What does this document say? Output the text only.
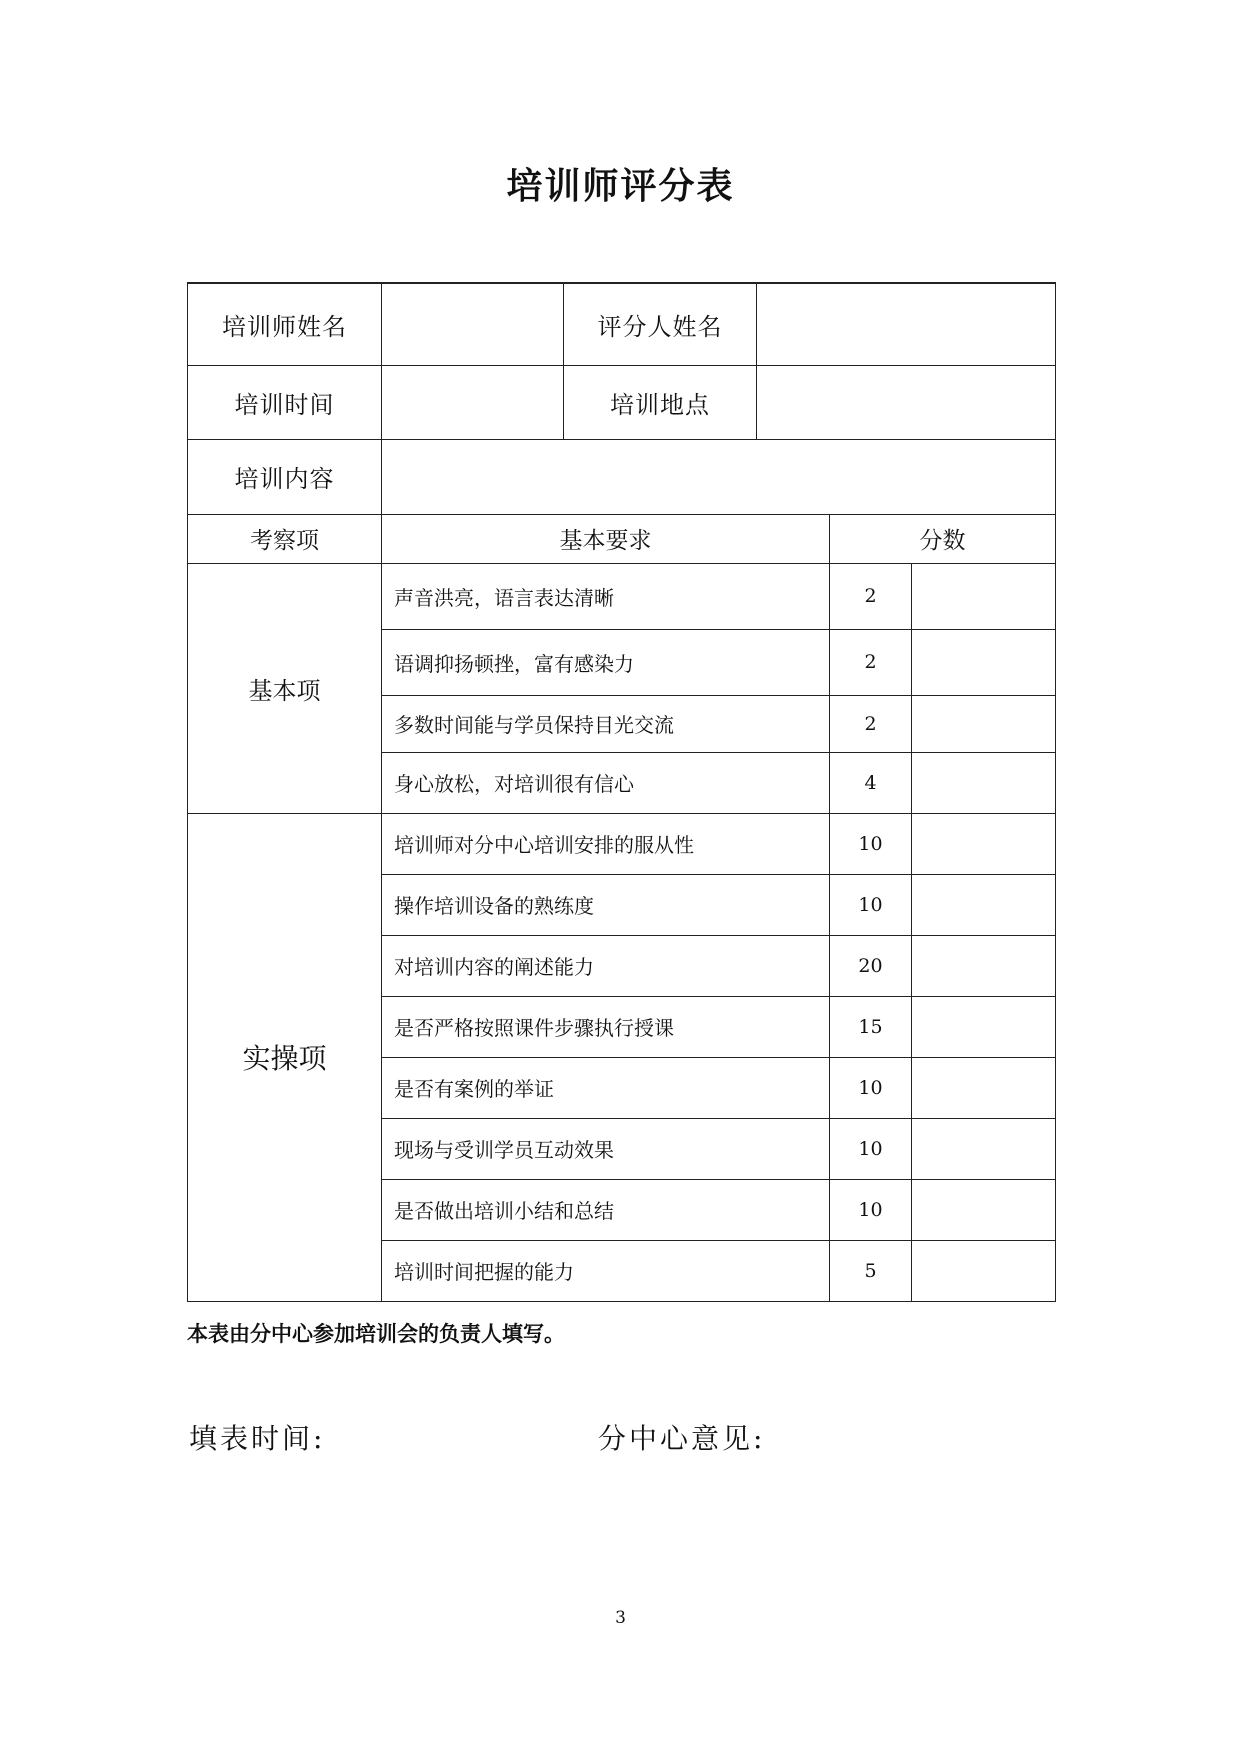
培训师评分表
培训师姓名		评分人姓名			
培训时间		培训地点			
培训内容					
考察项	基本要求			分数	
基本项	声音洪亮，语言表达清晰			2	
	语调抑扬顿挫，富有感染力			2	
	多数时间能与学员保持目光交流			2	
	身心放松，对培训很有信心			4	
实操项	培训师对分中心培训安排的服从性			10	
	操作培训设备的熟练度			10	
	对培训内容的阐述能力			20	
	是否严格按照课件步骤执行授课			15	
	是否有案例的举证			10	
	现场与受训学员互动效果			10	
	是否做出培训小结和总结			10	
	培训时间把握的能力			5	
本表由分中心参加培训会的负责人填写。
填表时间:	分中心意见:
3
